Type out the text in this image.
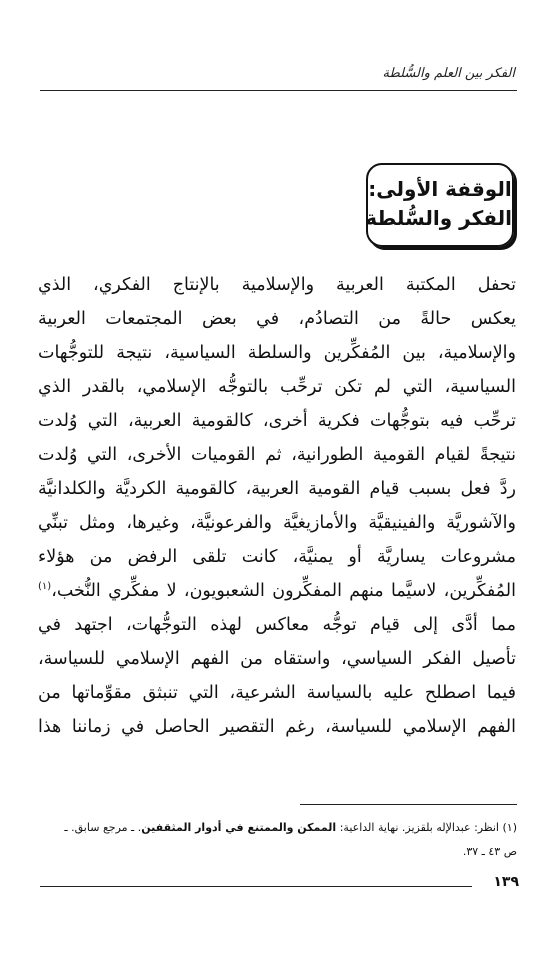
الفكر بين العلم والسُّلطة
الوقفة الأولى:
الفكر والسُّلطة
تحفل المكتبة العربية والإسلامية بالإنتاج الفكري، الذي
يعكس حالةً من التصادُم، في بعض المجتمعات العربية
والإسلامية، بين المُفكِّرين والسلطة السياسية، نتيجة للتوجُّهات
السياسية، التي لم تكن ترحِّب بالتوجُّه الإسلامي، بالقدر الذي
ترحِّب فيه بتوجُّهات فكرية أخرى، كالقومية العربية، التي وُلدت
نتيجةً لقيام القومية الطورانية، ثم القوميات الأخرى، التي وُلدت
ردَّ فعل بسبب قيام القومية العربية، كالقومية الكرديَّة والكلدانيَّة
والآشوريَّة والفينيقيَّة والأمازيغيَّة والفرعونيَّة، وغيرها، ومثل تبنِّي
مشروعات يساريَّة أو يمنيَّة، كانت تلقى الرفض من هؤلاء
المُفكِّرين، لاسيَّما منهم المفكِّرون الشعبويون، لا مفكِّري النُّخب،$^{(١)}$
مما أدَّى إلى قيام توجُّه معاكس لهذه التوجُّهات، اجتهد في
تأصيل الفكر السياسي، واستقاه من الفهم الإسلامي للسياسة،
فيما اصطلح عليه بالسياسة الشرعية، التي تنبثق مقوِّماتها من
الفهم الإسلامي للسياسة، رغم التقصير الحاصل في زماننا هذا
(١) انظر: عبدالإله بلقزيز. نهاية الداعية: الممكن والممتنع في أدوار المثقفين. ـ مرجع سابق. ـ
ص ٤٣ ـ ٣٧.
١٣٩
